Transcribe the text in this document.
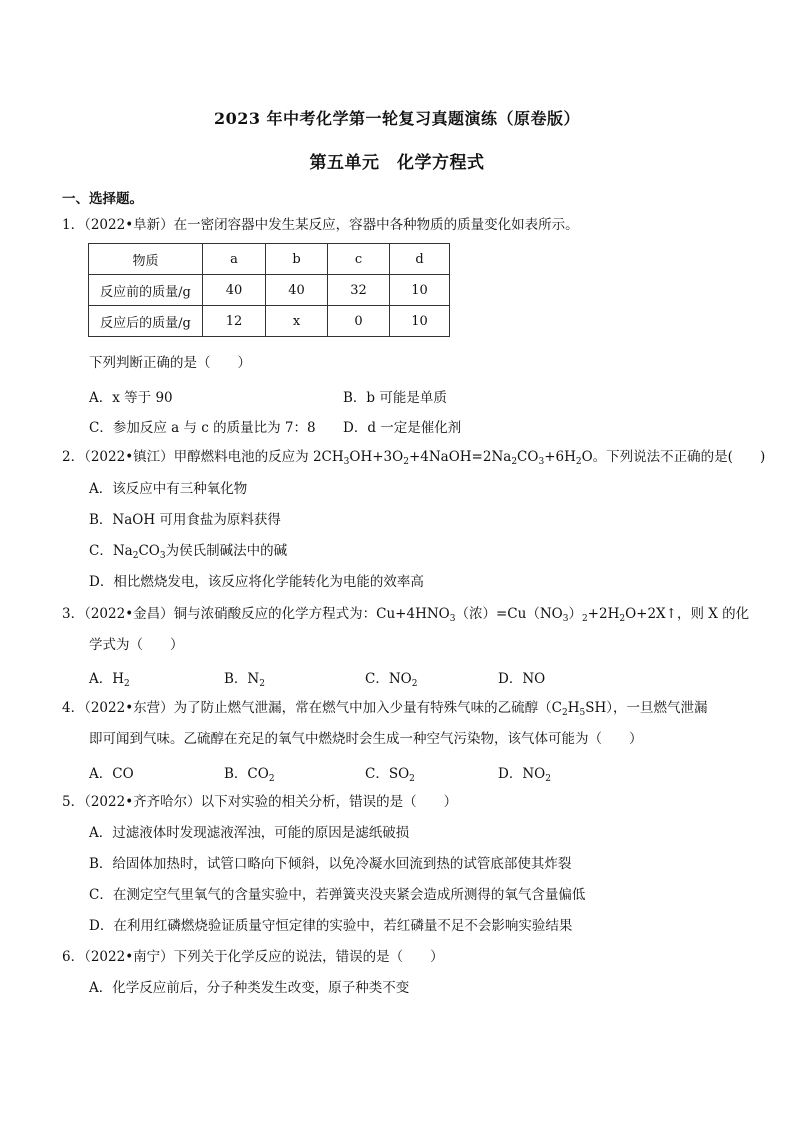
2023 年中考化学第一轮复习真题演练（原卷版）
第五单元　化学方程式
一、选择题。
1．（2022•阜新）在一密闭容器中发生某反应，容器中各种物质的质量变化如表所示。
物质	a	b	c	d
反应前的质量/g	40	40	32	10
反应后的质量/g	12	x	0	10
下列判断正确的是（　　）
A．x 等于 90	B．b 可能是单质
C．参加反应 a 与 c 的质量比为 7：8 D．d 一定是催化剂
2．（2022•镇江）甲醇燃料电池的反应为 $2CH_3OH+3O_2+4NaOH=2Na_2CO_3+6H_2O$。下列说法不正确的是(　　)
A．该反应中有三种氧化物
B．NaOH 可用食盐为原料获得
C．$Na_2CO_3$为侯氏制碱法中的碱
D．相比燃烧发电，该反应将化学能转化为电能的效率高
3．（2022•金昌）铜与浓硝酸反应的化学方程式为：$Cu+4HNO_3$（浓）$=Cu(NO_3)_2+2H_2O+2X↑$，则 X 的化
学式为（　　）
A．$H_2$	B．$N_2$	C．$NO_2$	D．NO
4．（2022•东营）为了防止燃气泄漏，常在燃气中加入少量有特殊气味的乙硫醇$(C_2H_5SH)$，一旦燃气泄漏
即可闻到气味。乙硫醇在充足的氧气中燃烧时会生成一种空气污染物，该气体可能为（　　）
A．CO	B．$CO_2$	C．$SO_2$	D．$NO_2$
5．（2022•齐齐哈尔）以下对实验的相关分析，错误的是（　　）
A．过滤液体时发现滤液浑浊，可能的原因是滤纸破损
B．给固体加热时，试管口略向下倾斜，以免冷凝水回流到热的试管底部使其炸裂
C．在测定空气里氧气的含量实验中，若弹簧夹没夹紧会造成所测得的氧气含量偏低
D．在利用红磷燃烧验证质量守恒定律的实验中，若红磷量不足不会影响实验结果
6．（2022•南宁）下列关于化学反应的说法，错误的是（　　）
A．化学反应前后，分子种类发生改变，原子种类不变
